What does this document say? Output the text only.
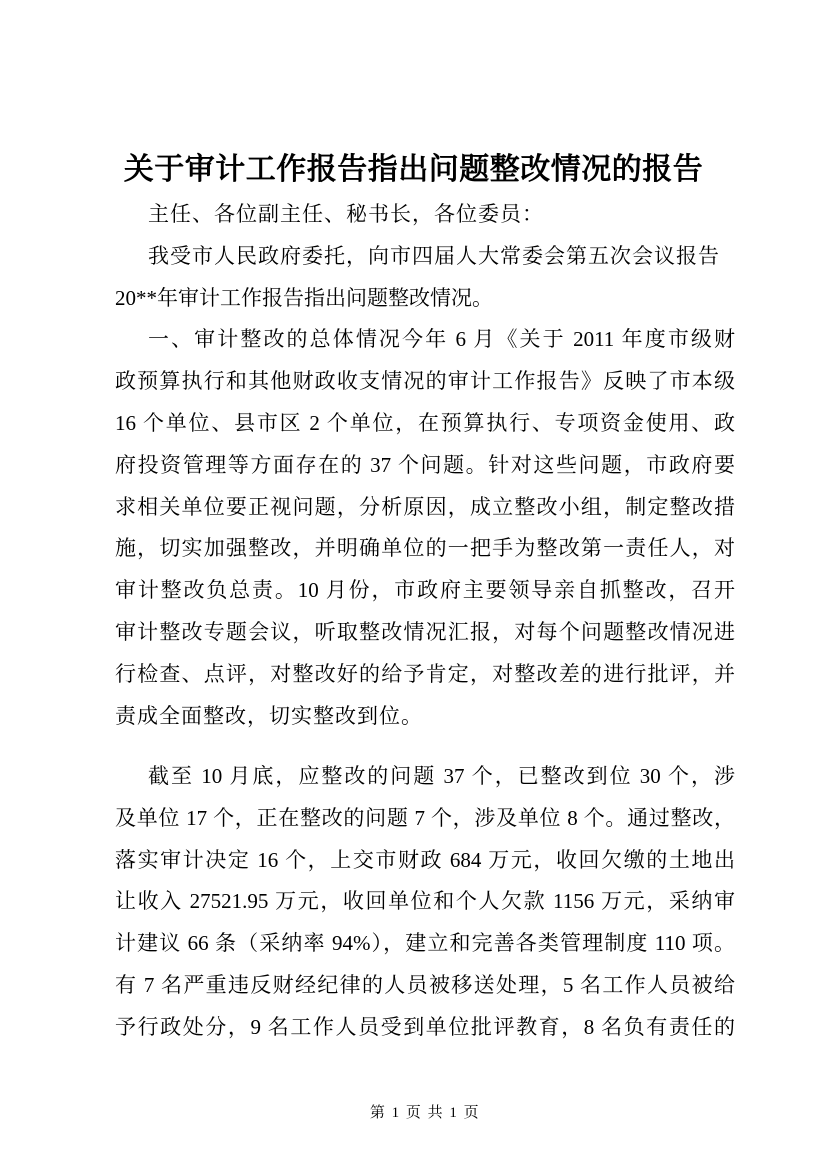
关于审计工作报告指出问题整改情况的报告
主任、各位副主任、秘书长，各位委员：
我受市人民政府委托，向市四届人大常委会第五次会议报告
20**年审计工作报告指出问题整改情况。
一、审计整改的总体情况今年 6 月《关于 2011 年度市级财
政预算执行和其他财政收支情况的审计工作报告》反映了市本级
16 个单位、县市区 2 个单位，在预算执行、专项资金使用、政
府投资管理等方面存在的 37 个问题。针对这些问题，市政府要
求相关单位要正视问题，分析原因，成立整改小组，制定整改措
施，切实加强整改，并明确单位的一把手为整改第一责任人，对
审计整改负总责。10 月份，市政府主要领导亲自抓整改，召开
审计整改专题会议，听取整改情况汇报，对每个问题整改情况进
行检查、点评，对整改好的给予肯定，对整改差的进行批评，并
责成全面整改，切实整改到位。
截至 10 月底，应整改的问题 37 个，已整改到位 30 个，涉
及单位 17 个，正在整改的问题 7 个，涉及单位 8 个。通过整改，
落实审计决定 16 个，上交市财政 684 万元，收回欠缴的土地出
让收入 27521.95 万元，收回单位和个人欠款 1156 万元，采纳审
计建议 66 条（采纳率 94%），建立和完善各类管理制度 110 项。
有 7 名严重违反财经纪律的人员被移送处理，5 名工作人员被给
予行政处分，9 名工作人员受到单位批评教育，8 名负有责任的
第 1 页 共 1 页
